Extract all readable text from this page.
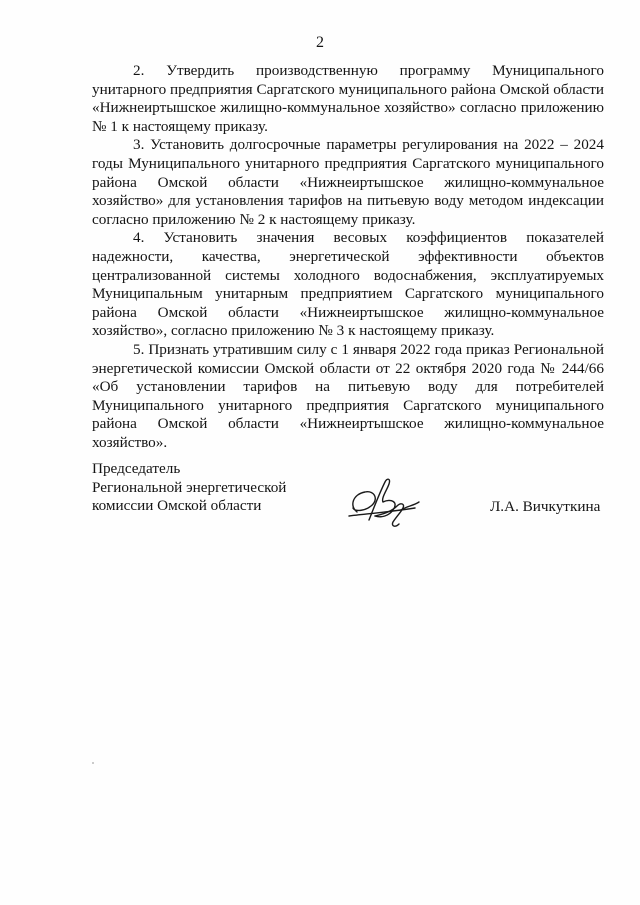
2

2. Утвердить производственную программу Муниципального унитарного предприятия Саргатского муниципального района Омской области «Нижнеиртышское жилищно-коммунальное хозяйство» согласно приложению № 1 к настоящему приказу.

3. Установить долгосрочные параметры регулирования на 2022 – 2024 годы Муниципального унитарного предприятия Саргатского муниципального района Омской области «Нижнеиртышское жилищно-коммунальное хозяйство» для установления тарифов на питьевую воду методом индексации согласно приложению № 2 к настоящему приказу.

4. Установить значения весовых коэффициентов показателей надежности, качества, энергетической эффективности объектов централизованной системы холодного водоснабжения, эксплуатируемых Муниципальным унитарным предприятием Саргатского муниципального района Омской области «Нижнеиртышское жилищно-коммунальное хозяйство», согласно приложению № 3 к настоящему приказу.

5. Признать утратившим силу с 1 января 2022 года приказ Региональной энергетической комиссии Омской области от 22 октября 2020 года № 244/66 «Об установлении тарифов на питьевую воду для потребителей Муниципального унитарного предприятия Саргатского муниципального района Омской области «Нижнеиртышское жилищно-коммунальное хозяйство».

Председатель
Региональной энергетической
комиссии Омской области	Л.А. Вичкуткина
